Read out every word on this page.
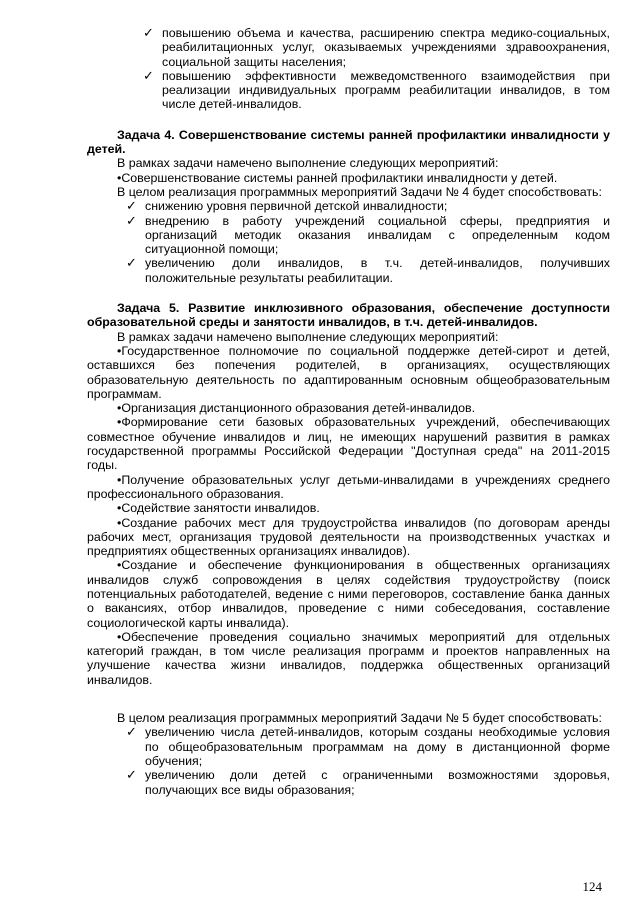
✓ повышению объема и качества, расширению спектра медико-социальных, реабилитационных услуг, оказываемых учреждениями здравоохранения, социальной защиты населения;
✓ повышению эффективности межведомственного взаимодействия при реализации индивидуальных программ реабилитации инвалидов, в том числе детей-инвалидов.

Задача 4. Совершенствование системы ранней профилактики инвалидности у детей.

В рамках задачи намечено выполнение следующих мероприятий:

•Совершенствование системы ранней профилактики инвалидности у детей.

В целом реализация программных мероприятий Задачи № 4 будет способствовать:

✓ снижению уровня первичной детской инвалидности;
✓ внедрению в работу учреждений социальной сферы, предприятия и организаций методик оказания инвалидам с определенным кодом ситуационной помощи;
✓ увеличению доли инвалидов, в т.ч. детей-инвалидов, получивших положительные результаты реабилитации.

Задача 5. Развитие инклюзивного образования, обеспечение доступности образовательной среды и занятости инвалидов, в т.ч. детей-инвалидов.

В рамках задачи намечено выполнение следующих мероприятий:

•Государственное полномочие по социальной поддержке детей-сирот и детей, оставшихся без попечения родителей, в организациях, осуществляющих образовательную деятельность по адаптированным основным общеобразовательным программам.

•Организация дистанционного образования детей-инвалидов.

•Формирование сети базовых образовательных учреждений, обеспечивающих совместное обучение инвалидов и лиц, не имеющих нарушений развития в рамках государственной программы Российской Федерации "Доступная среда" на 2011-2015 годы.

•Получение образовательных услуг детьми-инвалидами в учреждениях среднего профессионального образования.

•Содействие занятости инвалидов.

•Создание рабочих мест для трудоустройства инвалидов (по договорам аренды рабочих мест, организация трудовой деятельности на производственных участках и предприятиях общественных организациях инвалидов).

•Создание и обеспечение функционирования в общественных организациях инвалидов служб сопровождения в целях содействия трудоустройству (поиск потенциальных работодателей, ведение с ними переговоров, составление банка данных о вакансиях, отбор инвалидов, проведение с ними собеседования, составление социологической карты инвалида).

•Обеспечение проведения социально значимых мероприятий для отдельных категорий граждан, в том числе реализация программ и проектов направленных на улучшение качества жизни инвалидов, поддержка общественных организаций инвалидов.

В целом реализация программных мероприятий Задачи № 5 будет способствовать:

✓ увеличению числа детей-инвалидов, которым созданы необходимые условия по общеобразовательным программам на дому в дистанционной форме обучения;
✓ увеличению доли детей с ограниченными возможностями здоровья, получающих все виды образования;
124
